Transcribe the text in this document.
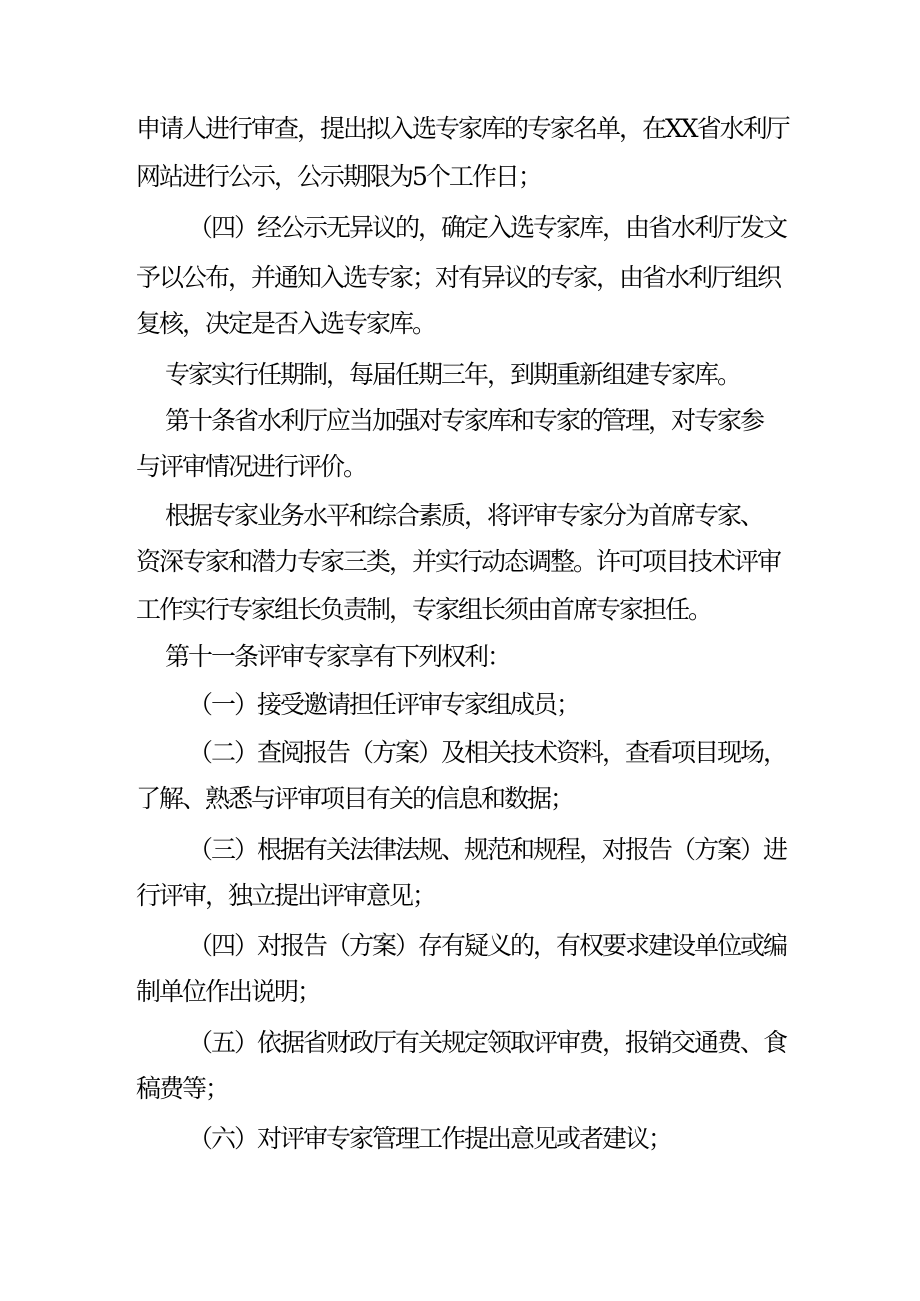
申请人进行审查，提出拟入选专家库的专家名单，在XX省水利厅
网站进行公示，公示期限为5个工作日；
（四）经公示无异议的，确定入选专家库，由省水利厅发文
予以公布，并通知入选专家；对有异议的专家，由省水利厅组织
复核，决定是否入选专家库。
专家实行任期制，每届任期三年，到期重新组建专家库。
第十条省水利厅应当加强对专家库和专家的管理，对专家参
与评审情况进行评价。
根据专家业务水平和综合素质，将评审专家分为首席专家、
资深专家和潜力专家三类，并实行动态调整。许可项目技术评审
工作实行专家组长负责制，专家组长须由首席专家担任。
第十一条评审专家享有下列权利：
（一）接受邀请担任评审专家组成员；
（二）查阅报告（方案）及相关技术资料，查看项目现场，
了解、熟悉与评审项目有关的信息和数据；
（三）根据有关法律法规、规范和规程，对报告（方案）进
行评审，独立提出评审意见；
（四）对报告（方案）存有疑义的，有权要求建设单位或编
制单位作出说明；
（五）依据省财政厅有关规定领取评审费，报销交通费、食
稿费等；
（六）对评审专家管理工作提出意见或者建议；
